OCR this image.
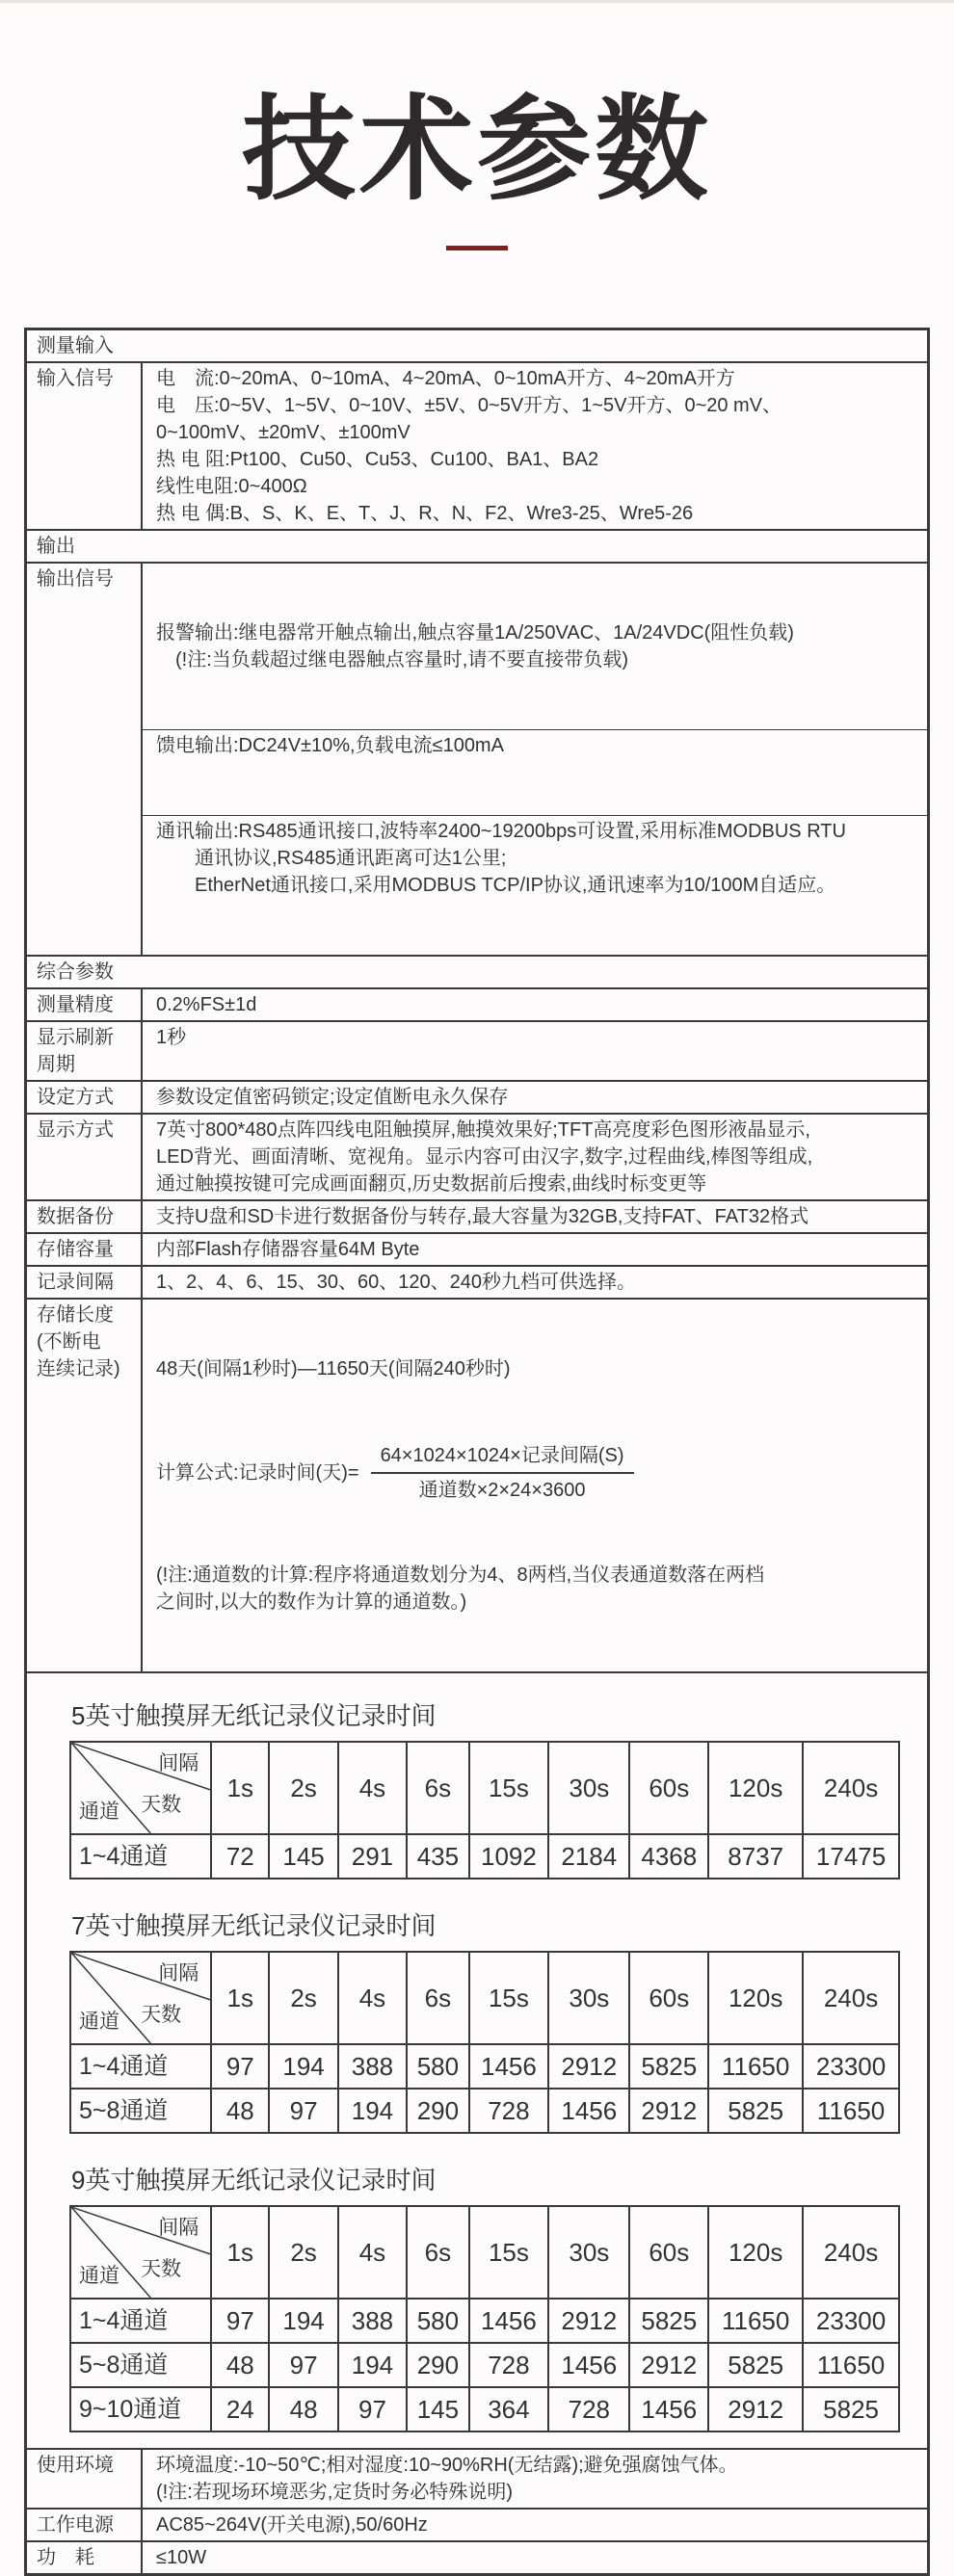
技术参数
测量输入
输入信号	电　流:0~20mA、0~10mA、4~20mA、0~10mA开方、4~20mA开方
电　压:0~5V、1~5V、0~10V、±5V、0~5V开方、1~5V开方、0~20 mV、
0~100mV、±20mV、±100mV
热 电 阻:Pt100、Cu50、Cu53、Cu100、BA1、BA2
线性电阻:0~400Ω
热 电 偶:B、S、K、E、T、J、R、N、F2、Wre3-25、Wre5-26
输出
输出信号

报警输出:继电器常开触点输出,触点容量1A/250VAC、1A/24VDC(阻性负载)
　(!注:当负载超过继电器触点容量时,请不要直接带负载)

馈电输出:DC24V±10%,负载电流≤100mA

通讯输出:RS485通讯接口,波特率2400~19200bps可设置,采用标准MODBUS RTU
　　通讯协议,RS485通讯距离可达1公里;
　　EtherNet通讯接口,采用MODBUS TCP/IP协议,通讯速率为10/100M自适应。

综合参数
测量精度	0.2%FS±1d
显示刷新
周期
1秒
设定方式	参数设定值密码锁定;设定值断电永久保存
显示方式	7英寸800*480点阵四线电阻触摸屏,触摸效果好;TFT高亮度彩色图形液晶显示,
LED背光、画面清晰、宽视角。显示内容可由汉字,数字,过程曲线,棒图等组成,
通过触摸按键可完成画面翻页,历史数据前后搜索,曲线时标变更等
数据备份	支持U盘和SD卡进行数据备份与转存,最大容量为32GB,支持FAT、FAT32格式
存储容量	内部Flash存储器容量64M Byte
记录间隔	1、2、4、6、15、30、60、120、240秒九档可供选择。
存储长度
(不断电
连续记录)

	48天(间隔1秒时)—11650天(间隔240秒时)

计算公式:记录时间(天)= $\frac{\text{64×1024×1024×记录间隔(S)}}{\text{通道数×2×24×3600}}$

(!注:通道数的计算:程序将通道数划分为4、8两档,当仪表通道数落在两档
之间时,以大的数作为计算的通道数。)

5英寸触摸屏无纸记录仪记录时间
间隔
天数
通道	1s	2s	4s	6s	15s	30s	60s	120s	240s
1~4通道	72	145	291	435	1092	2184	4368	8737	17475
7英寸触摸屏无纸记录仪记录时间
间隔
天数
通道	1s	2s	4s	6s	15s	30s	60s	120s	240s
1~4通道	97	194	388	580	1456	2912	5825	11650	23300
5~8通道	48	97	194	290	728	1456	2912	5825	11650
9英寸触摸屏无纸记录仪记录时间
间隔
天数
通道	1s	2s	4s	6s	15s	30s	60s	120s	240s
1~4通道	97	194	388	580	1456	2912	5825	11650	23300
5~8通道	48	97	194	290	728	1456	2912	5825	11650
9~10通道	24	48	97	145	364	728	1456	2912	5825
使用环境	环境温度:-10~50℃;相对湿度:10~90%RH(无结露);避免强腐蚀气体。
(!注:若现场环境恶劣,定货时务必特殊说明)
工作电源	AC85~264V(开关电源),50/60Hz
功　耗	≤10W
